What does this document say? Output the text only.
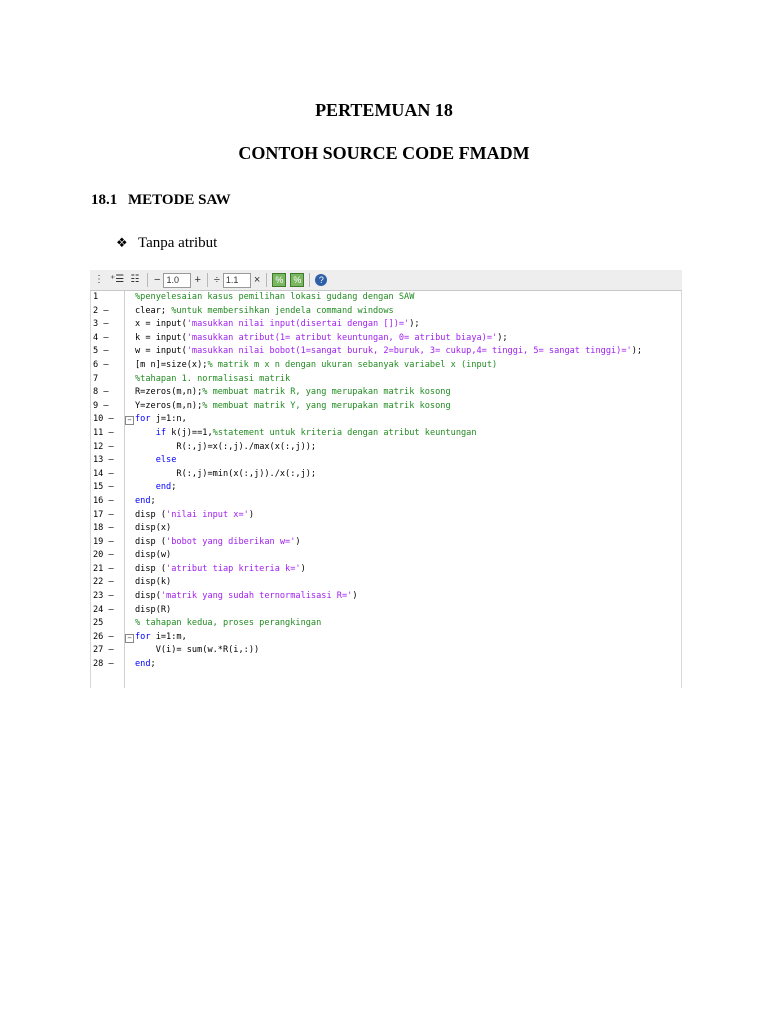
PERTEMUAN 18
CONTOH SOURCE CODE FMADM
18.1 METODE SAW
❖ Tanpa atribut
⋮ ⁺☰ ☷ − 1.0	+ ÷ 1.1	×	%	%	?
1	%penyelesaian kasus pemilihan lokasi gudang dengan SAW
2 –	clear; %untuk membersihkan jendela command windows
3 –	x = input('masukkan nilai input(disertai dengan [])=');
4 –	k = input('masukkan atribut(1= atribut keuntungan, 0= atribut biaya)=');
5 –	w = input('masukkan nilai bobot(1=sangat buruk, 2=buruk, 3= cukup,4= tinggi, 5= sangat tinggi)=');
6 –	[m n]=size(x);% matrik m x n dengan ukuran sebanyak variabel x (input)
7	%tahapan 1. normalisasi matrik
8 –	R=zeros(m,n);% membuat matrik R, yang merupakan matrik kosong
9 –	Y=zeros(m,n);% membuat matrik Y, yang merupakan matrik kosong
10 –	− for j=1:n,
11 –	if k(j)==1,%statement untuk kriteria dengan atribut keuntungan
12 –	R(:,j)=x(:,j)./max(x(:,j));
13 –	else
14 –	R(:,j)=min(x(:,j))./x(:,j);
15 –	end;
16 –	end;
17 –	disp ('nilai input x=')
18 –	disp(x)
19 –	disp ('bobot yang diberikan w=')
20 –	disp(w)
21 –	disp ('atribut tiap kriteria k=')
22 –	disp(k)
23 –	disp('matrik yang sudah ternormalisasi R=')
24 –	disp(R)
25	% tahapan kedua, proses perangkingan
26 –	− for i=1:m,
27 –	V(i)= sum(w.*R(i,:))
28 –	end;
